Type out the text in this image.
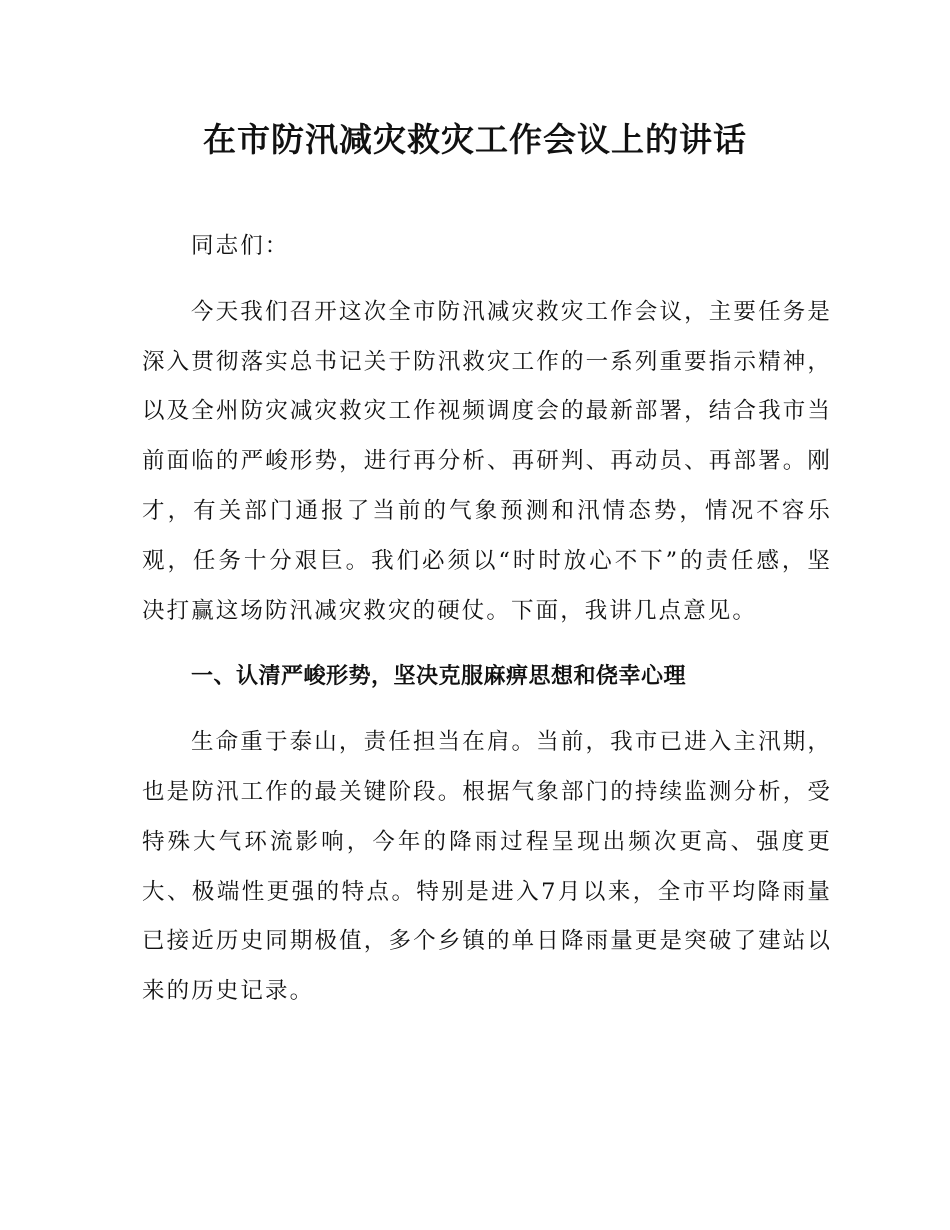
在市防汛减灾救灾工作会议上的讲话

同志们：

今天我们召开这次全市防汛减灾救灾工作会议，主要任务是深入贯彻落实总书记关于防汛救灾工作的一系列重要指示精神，以及全州防灾减灾救灾工作视频调度会的最新部署，结合我市当前面临的严峻形势，进行再分析、再研判、再动员、再部署。刚才，有关部门通报了当前的气象预测和汛情态势，情况不容乐观，任务十分艰巨。我们必须以“时时放心不下”的责任感，坚决打赢这场防汛减灾救灾的硬仗。下面，我讲几点意见。

一、认清严峻形势，坚决克服麻痹思想和侥幸心理

生命重于泰山，责任担当在肩。当前，我市已进入主汛期，也是防汛工作的最关键阶段。根据气象部门的持续监测分析，受特殊大气环流影响，今年的降雨过程呈现出频次更高、强度更大、极端性更强的特点。特别是进入7月以来，全市平均降雨量已接近历史同期极值，多个乡镇的单日降雨量更是突破了建站以来的历史记录。
